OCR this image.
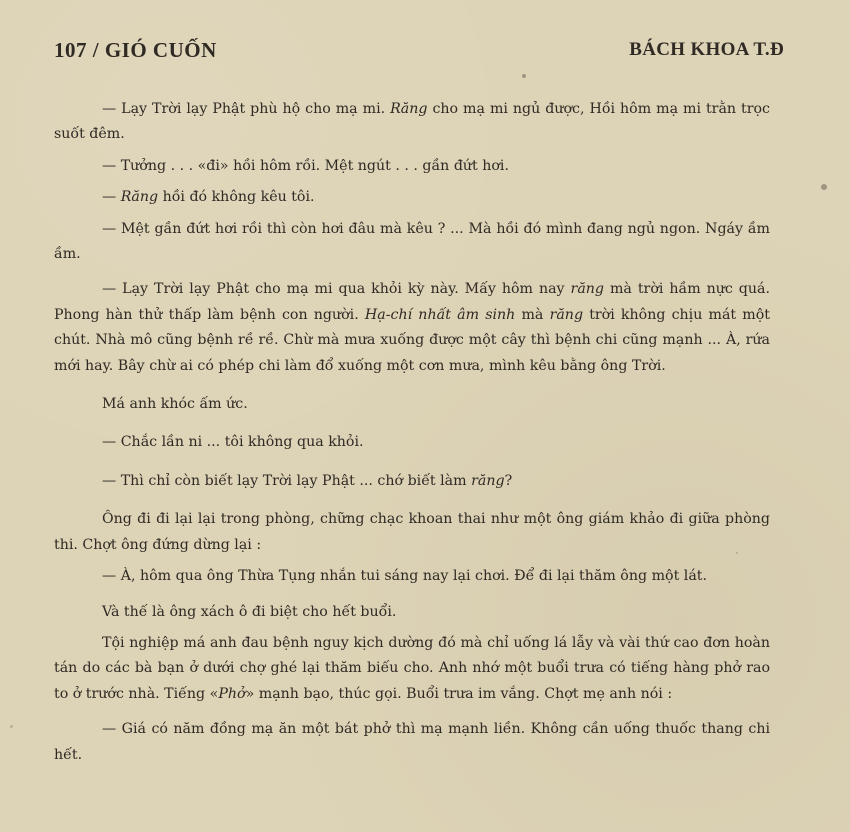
107 / GIÓ CUỐN	BÁCH KHOA T.Đ

— Lạy Trời lạy Phật phù hộ cho mạ mi. Răng cho mạ mi ngủ được, Hồi hôm mạ mi trằn trọc suốt đêm.

— Tưởng . . . «đi» hồi hôm rồi. Mệt ngút . . . gần đứt hơi.

— Răng hồi đó không kêu tôi.

— Mệt gần đứt hơi rồi thì còn hơi đâu mà kêu ? ... Mà hồi đó mình đang ngủ ngon. Ngáy ầm ầm.

— Lạy Trời lạy Phật cho mạ mi qua khỏi kỳ này. Mấy hôm nay răng mà trời hầm nực quá. Phong hàn thử thấp làm bệnh con người. Hạ-chí nhất âm sinh mà răng trời không chịu mát một chút. Nhà mô cũng bệnh rề rề. Chừ mà mưa xuống được một cây thì bệnh chi cũng mạnh ... À, rứa mới hay. Bây chừ ai có phép chi làm đổ xuống một cơn mưa, mình kêu bằng ông Trời.

Má anh khóc ấm ức.

— Chắc lần ni ... tôi không qua khỏi.

— Thì chỉ còn biết lạy Trời lạy Phật ... chớ biết làm răng?

Ông đi đi lại lại trong phòng, chững chạc khoan thai như một ông giám khảo đi giữa phòng thi. Chợt ông đứng dừng lại :

— À, hôm qua ông Thừa Tụng nhắn tui sáng nay lại chơi. Để đi lại thăm ông một lát.

Và thế là ông xách ô đi biệt cho hết buổi.

Tội nghiệp má anh đau bệnh nguy kịch dường đó mà chỉ uống lá lẫy và vài thứ cao đơn hoàn tán do các bà bạn ở dưới chợ ghé lại thăm biếu cho. Anh nhớ một buổi trưa có tiếng hàng phở rao to ở trước nhà. Tiếng «Phở» mạnh bạo, thúc gọi. Buổi trưa im vắng. Chợt mẹ anh nói :

— Giá có năm đồng mạ ăn một bát phở thì mạ mạnh liền. Không cần uống thuốc thang chi hết.
